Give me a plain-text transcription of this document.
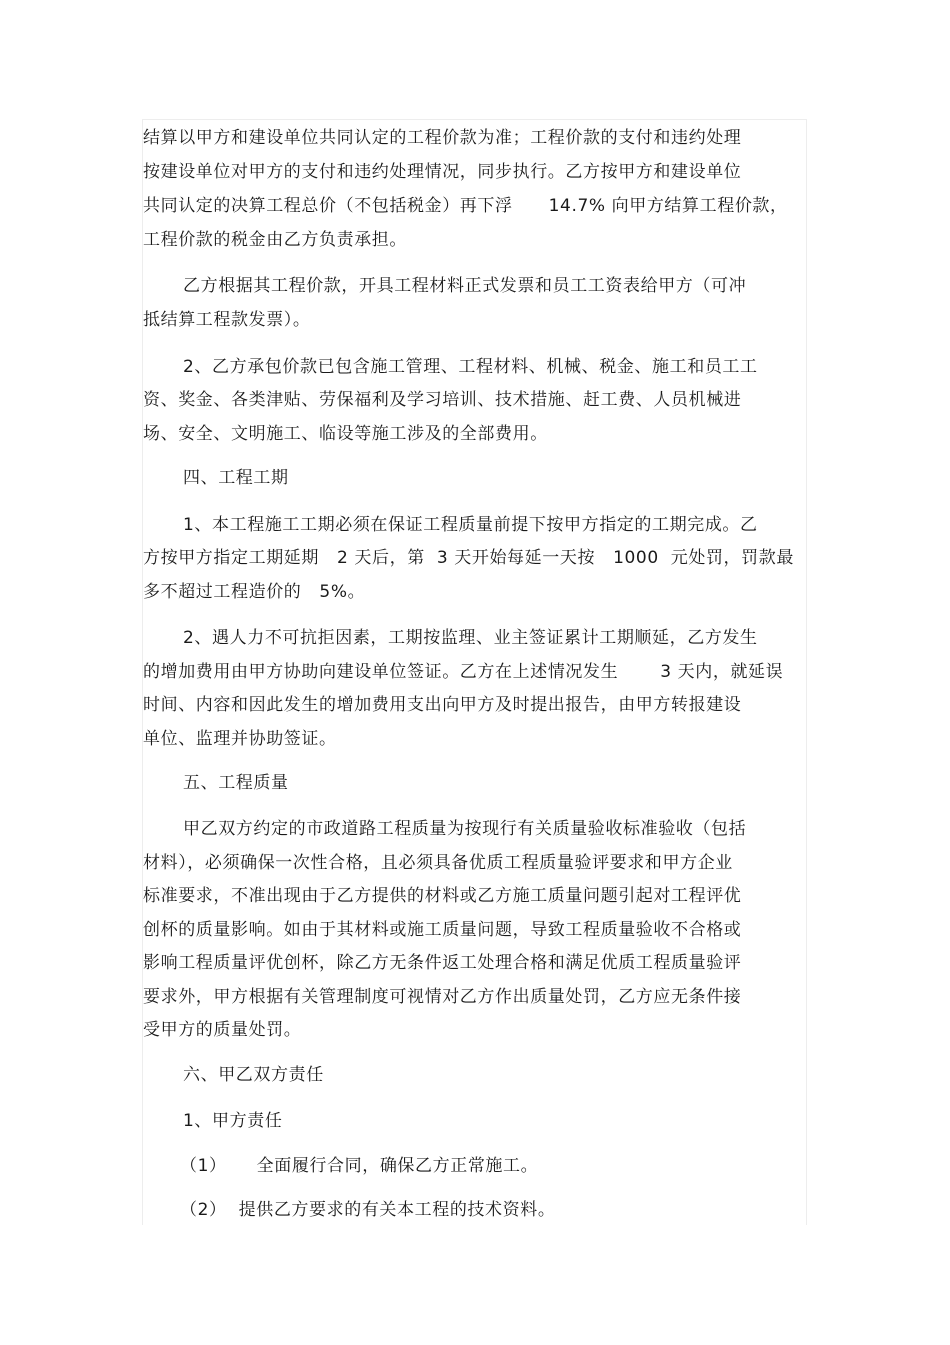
结算以甲方和建设单位共同认定的工程价款为准；工程价款的支付和违约处理
按建设单位对甲方的支付和违约处理情况，同步执行。乙方按甲方和建设单位
共同认定的决算工程总价（不包括税金）再下浮      14.7% 向甲方结算工程价款，
工程价款的税金由乙方负责承担。
乙方根据其工程价款，开具工程材料正式发票和员工工资表给甲方（可冲
抵结算工程款发票）。
2、乙方承包价款已包含施工管理、工程材料、机械、税金、施工和员工工
资、奖金、各类津贴、劳保福利及学习培训、技术措施、赶工费、人员机械进
场、安全、文明施工、临设等施工涉及的全部费用。
四、工程工期
1、本工程施工工期必须在保证工程质量前提下按甲方指定的工期完成。乙
方按甲方指定工期延期   2 天后，第  3 天开始每延一天按   1000  元处罚，罚款最
多不超过工程造价的   5%。
2、遇人力不可抗拒因素，工期按监理、业主签证累计工期顺延，乙方发生
的增加费用由甲方协助向建设单位签证。乙方在上述情况发生       3 天内，就延误
时间、内容和因此发生的增加费用支出向甲方及时提出报告，由甲方转报建设
单位、监理并协助签证。
五、工程质量
甲乙双方约定的市政道路工程质量为按现行有关质量验收标准验收（包括
材料），必须确保一次性合格，且必须具备优质工程质量验评要求和甲方企业
标准要求，不准出现由于乙方提供的材料或乙方施工质量问题引起对工程评优
创杯的质量影响。如由于其材料或施工质量问题，导致工程质量验收不合格或
影响工程质量评优创杯，除乙方无条件返工处理合格和满足优质工程质量验评
要求外，甲方根据有关管理制度可视情对乙方作出质量处罚，乙方应无条件接
受甲方的质量处罚。
六、甲乙双方责任
1、甲方责任
（1）     全面履行合同，确保乙方正常施工。
（2）  提供乙方要求的有关本工程的技术资料。
